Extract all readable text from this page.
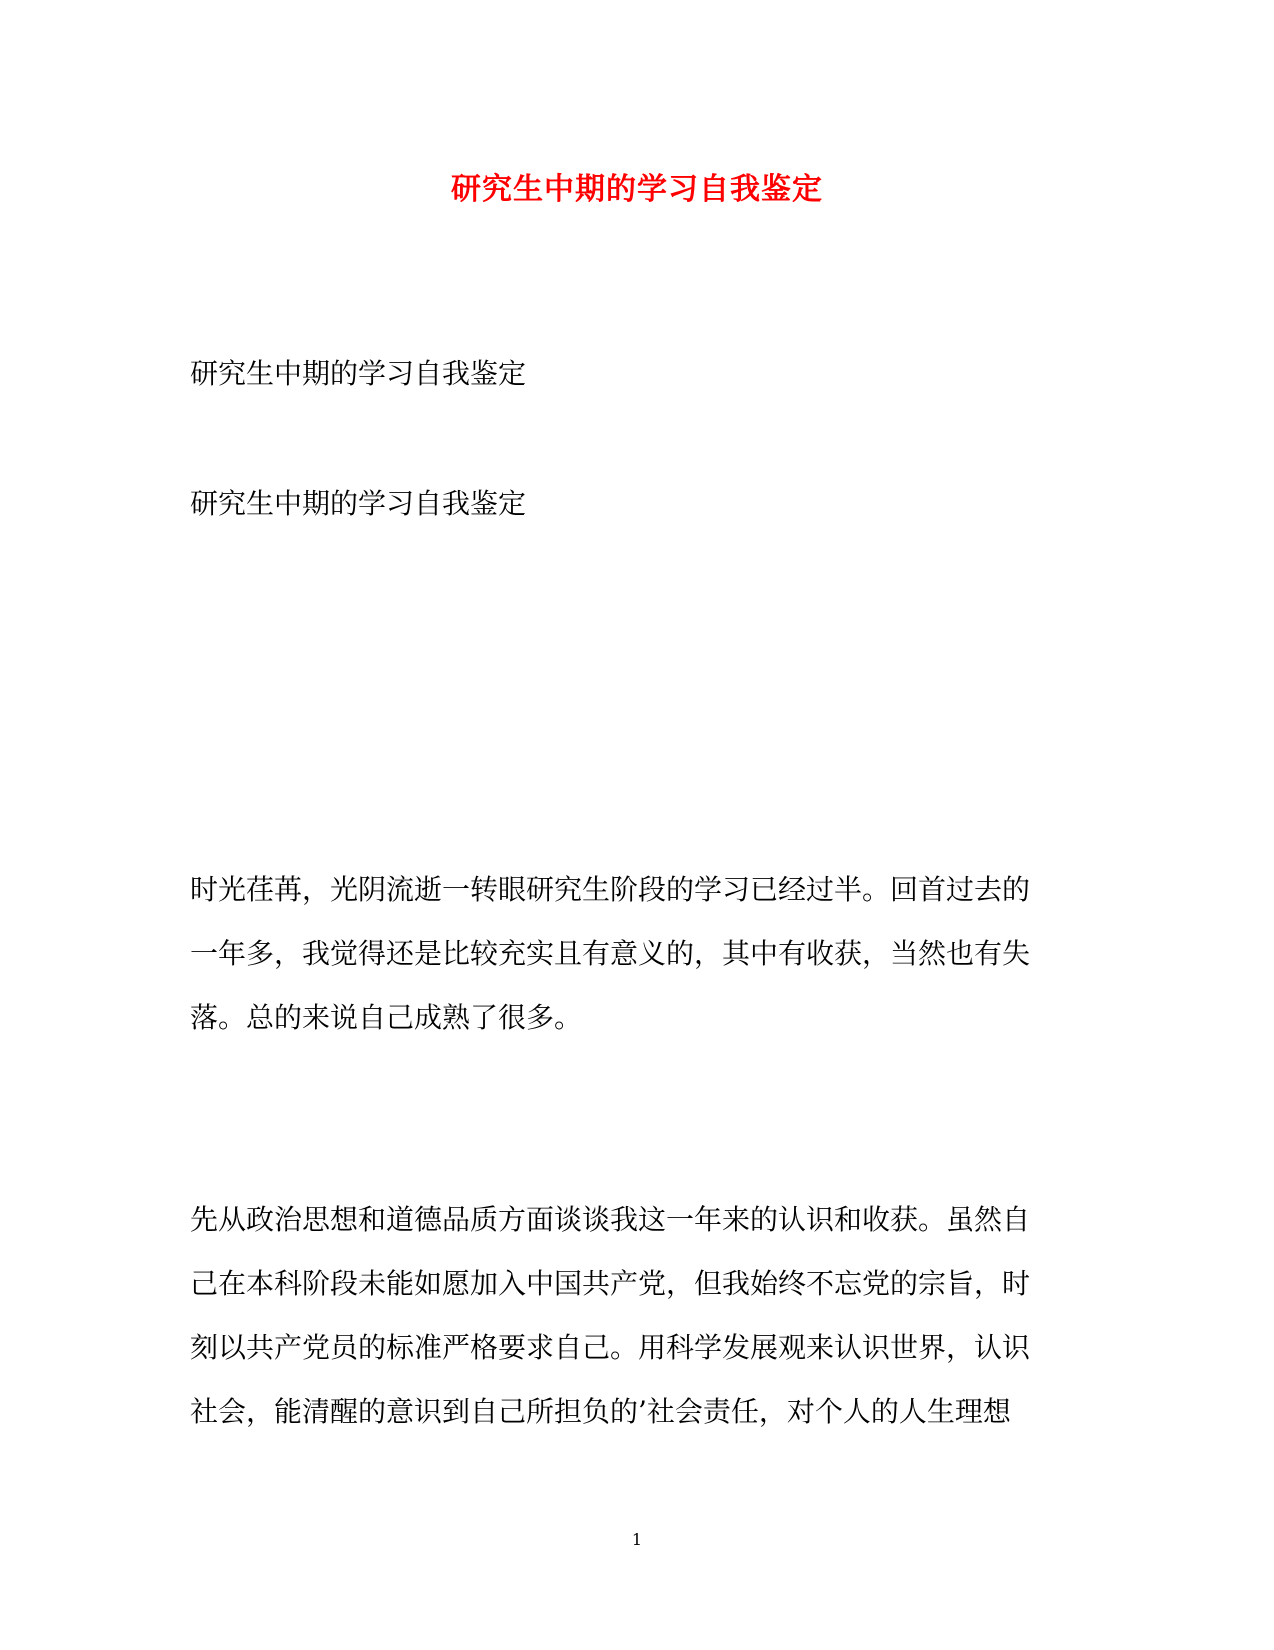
研究生中期的学习自我鉴定

研究生中期的学习自我鉴定

研究生中期的学习自我鉴定

时光荏苒，光阴流逝一转眼研究生阶段的学习已经过半。回首过去的
一年多，我觉得还是比较充实且有意义的，其中有收获，当然也有失
落。总的来说自己成熟了很多。

先从政治思想和道德品质方面谈谈我这一年来的认识和收获。虽然自
己在本科阶段未能如愿加入中国共产党，但我始终不忘党的宗旨，时
刻以共产党员的标准严格要求自己。用科学发展观来认识世界，认识
社会，能清醒的意识到自己所担负的’社会责任，对个人的人生理想

1
